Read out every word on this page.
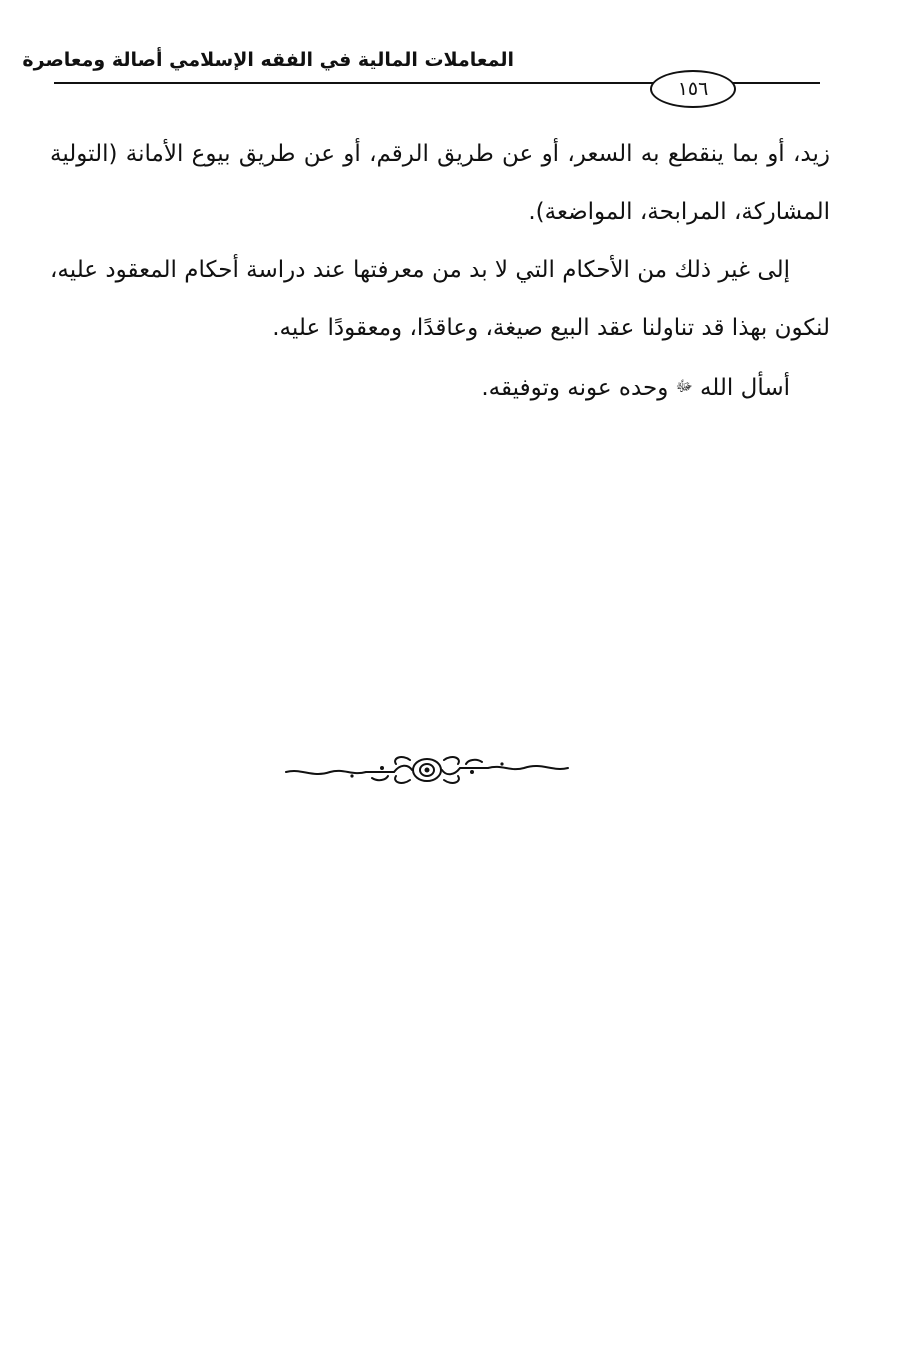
المعاملات المالية في الفقه الإسلامي أصالة ومعاصرة
١٥٦

زيد، أو بما ينقطع به السعر، أو عن طريق الرقم، أو عن طريق بيوع الأمانة (التولية المشاركة، المرابحة، المواضعة).

إلى غير ذلك من الأحكام التي لا بد من معرفتها عند دراسة أحكام المعقود عليه، لنكون بهذا قد تناولنا عقد البيع صيغة، وعاقدًا، ومعقودًا عليه.

أسأل الله ﷻ وحده عونه وتوفيقه.
